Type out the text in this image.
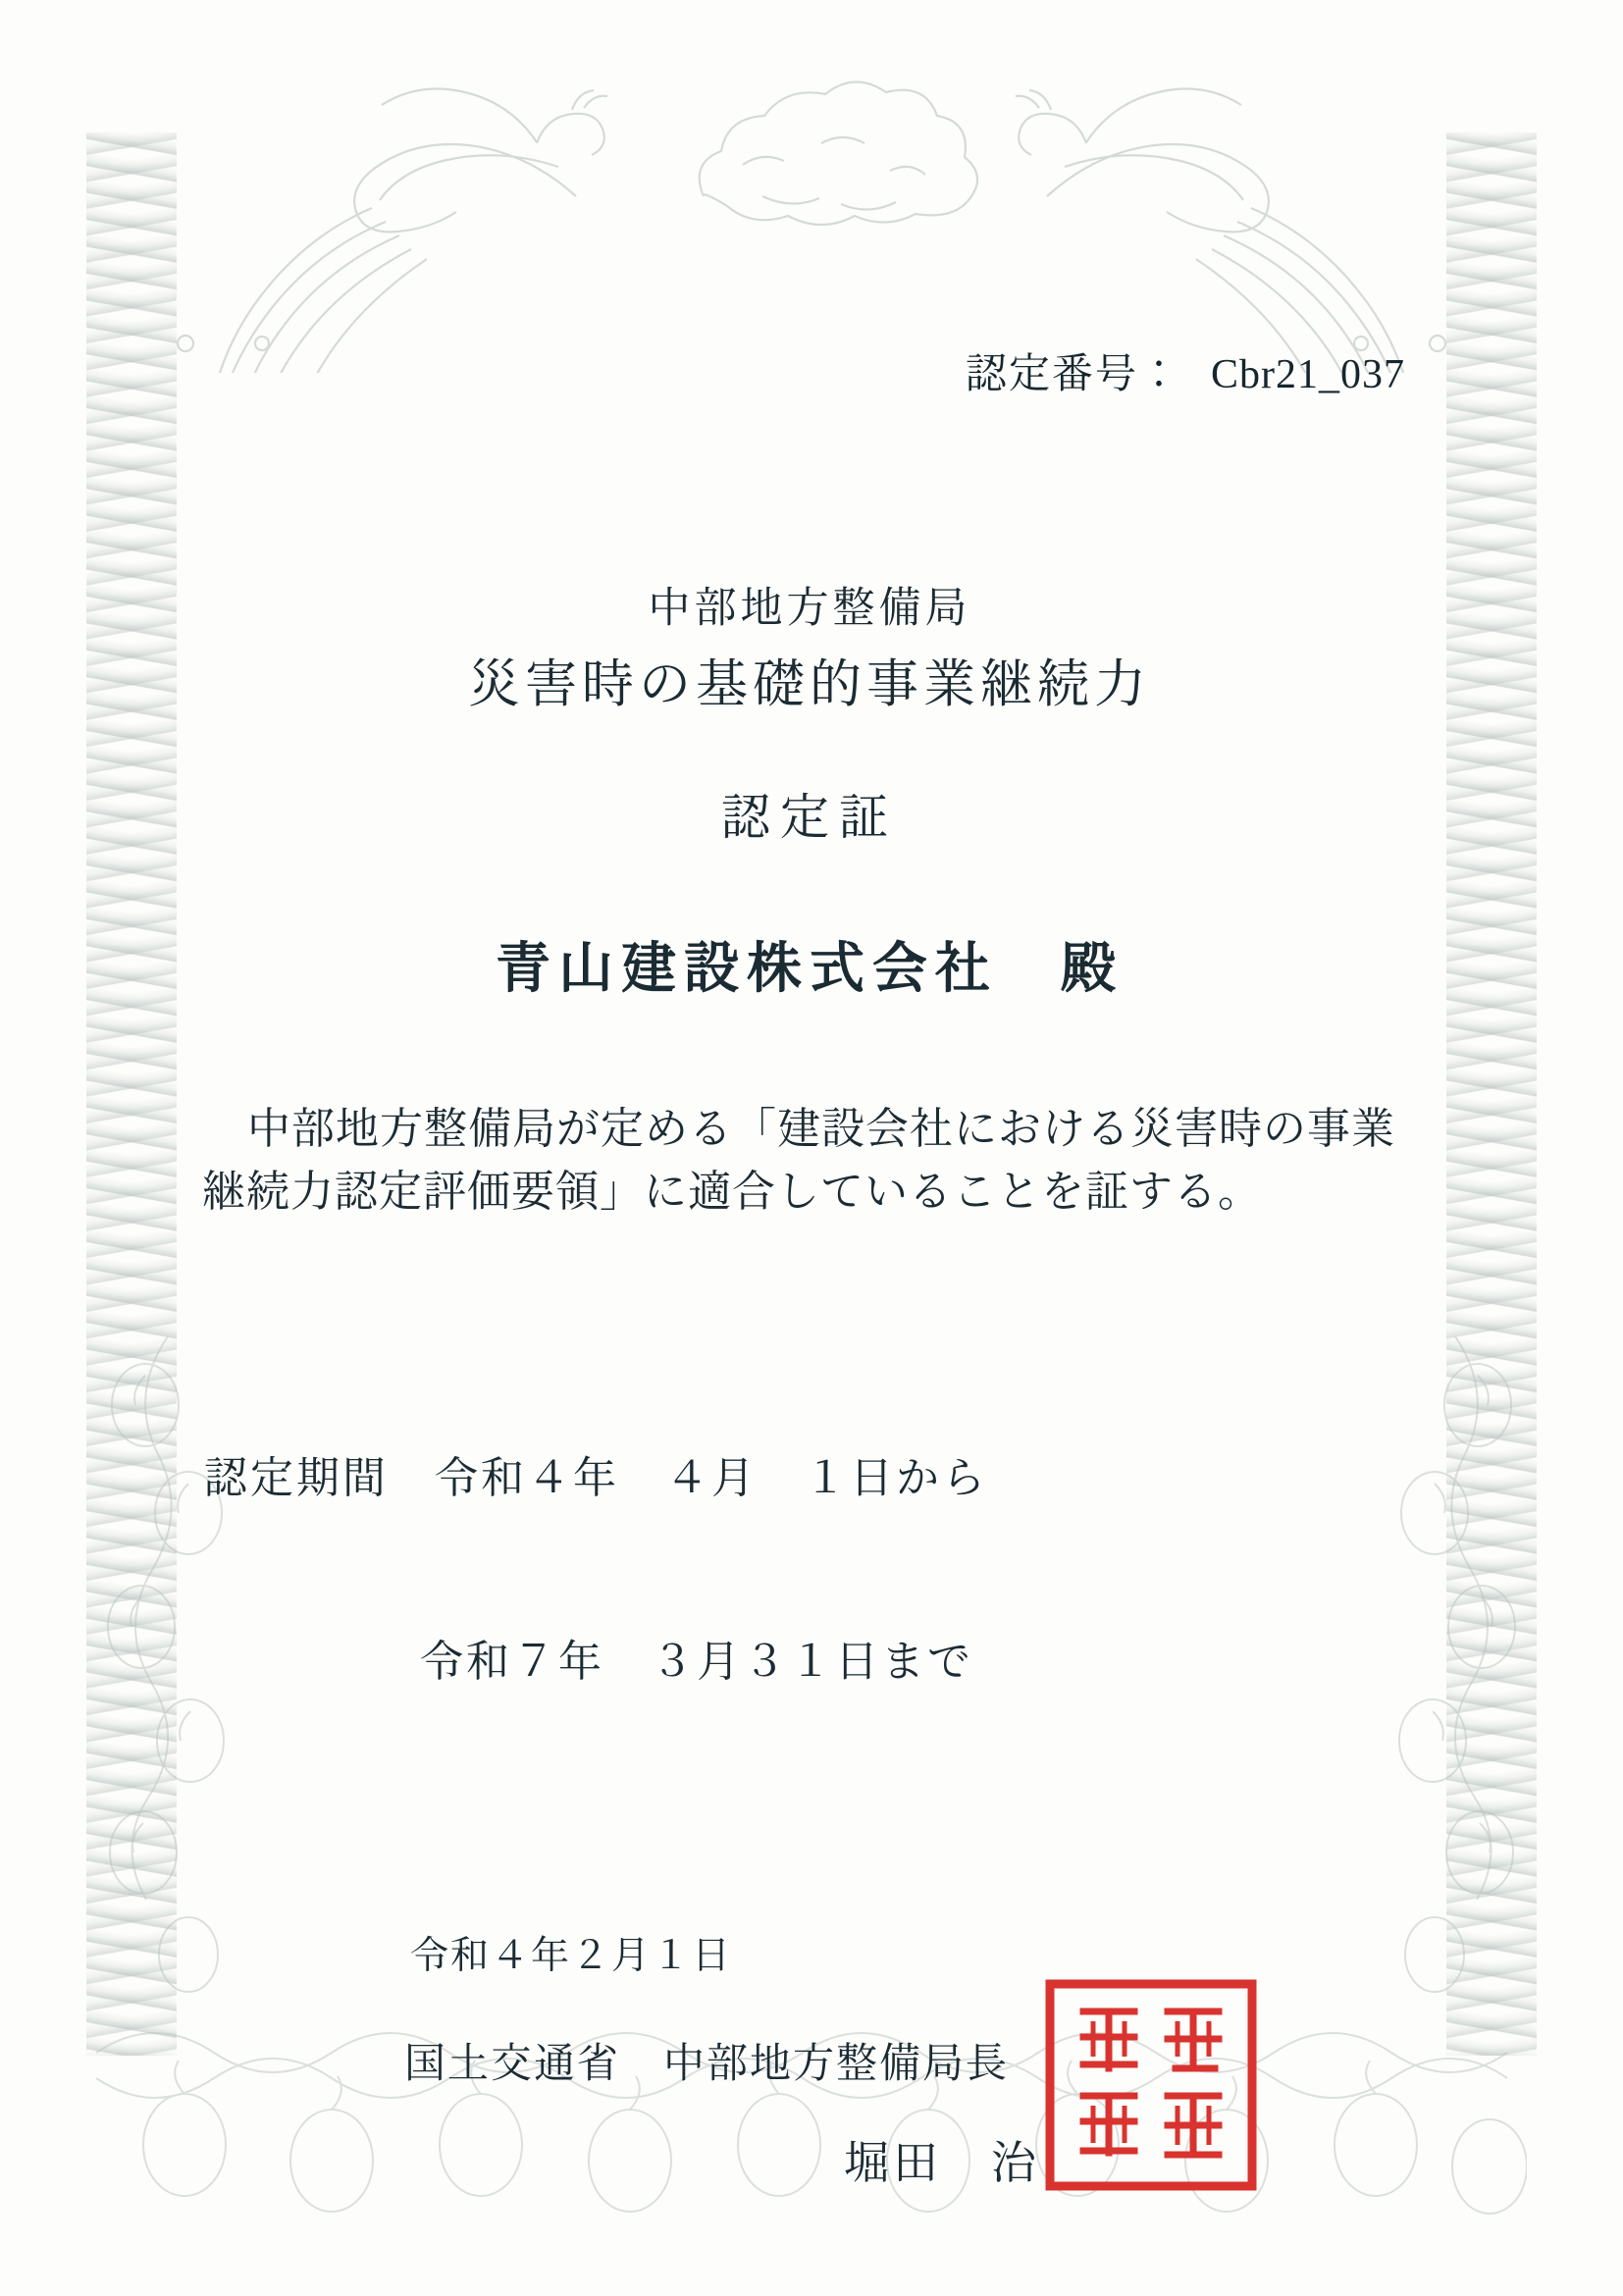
認定番号： Cbr21_037

中部地方整備局
災害時の基礎的事業継続力
認定証
青山建設株式会社　殿

中部地方整備局が定める「建設会社における災害時の事業継続力認定評価要領」に適合していることを証する。

認定期間　 令和４年　４月　１日から

令和７年　３月３１日まで

令和４年２月１日
国土交通省　中部地方整備局長
堀田　治
